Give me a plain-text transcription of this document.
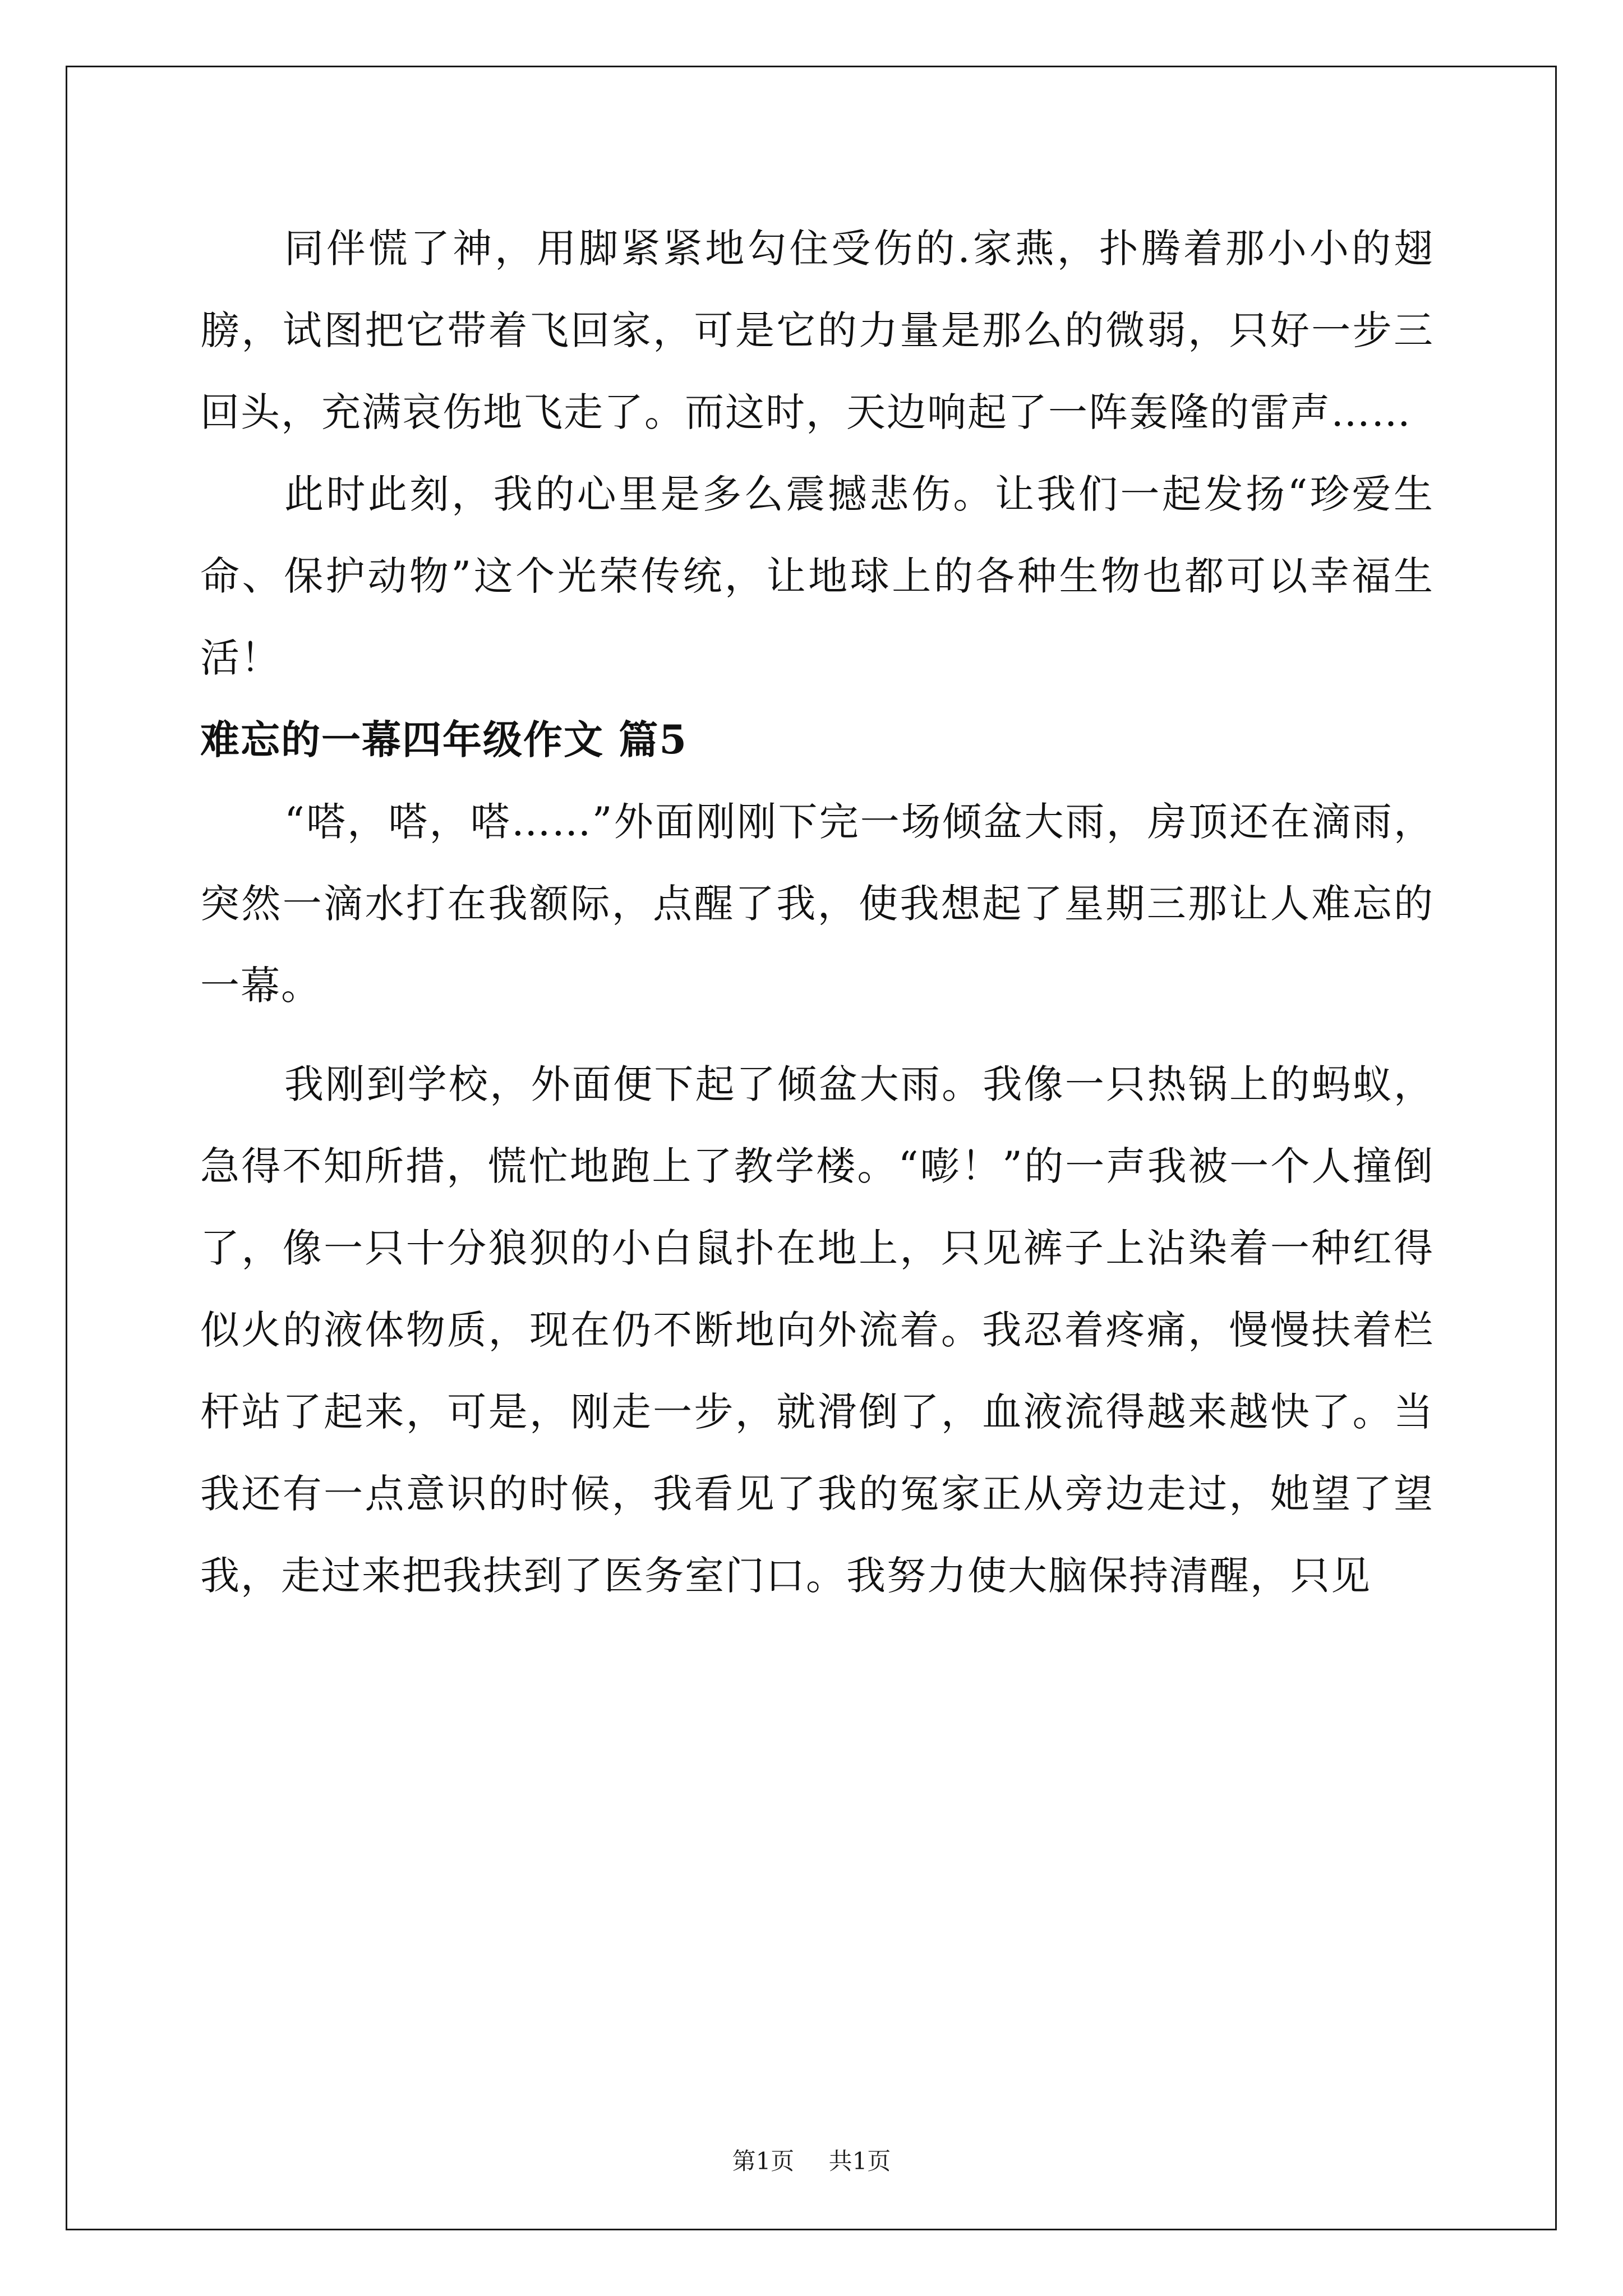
同伴慌了神，用脚紧紧地勾住受伤的.家燕，扑腾着那小小的翅膀，试图把它带着飞回家，可是它的力量是那么的微弱，只好一步三回头，充满哀伤地飞走了。而这时，天边响起了一阵轰隆的雷声……

此时此刻，我的心里是多么震撼悲伤。让我们一起发扬“珍爱生命、保护动物”这个光荣传统，让地球上的各种生物也都可以幸福生活！

难忘的一幕四年级作文 篇5

“嗒，嗒，嗒……”外面刚刚下完一场倾盆大雨，房顶还在滴雨，突然一滴水打在我额际，点醒了我，使我想起了星期三那让人难忘的一幕。

我刚到学校，外面便下起了倾盆大雨。我像一只热锅上的蚂蚁，急得不知所措，慌忙地跑上了教学楼。“嘭！”的一声我被一个人撞倒了，像一只十分狼狈的小白鼠扑在地上，只见裤子上沾染着一种红得似火的液体物质，现在仍不断地向外流着。我忍着疼痛，慢慢扶着栏杆站了起来，可是，刚走一步，就滑倒了，血液流得越来越快了。当我还有一点意识的时候，我看见了我的冤家正从旁边走过，她望了望我，走过来把我扶到了医务室门口。我努力使大脑保持清醒，只见

第1页 共1页
